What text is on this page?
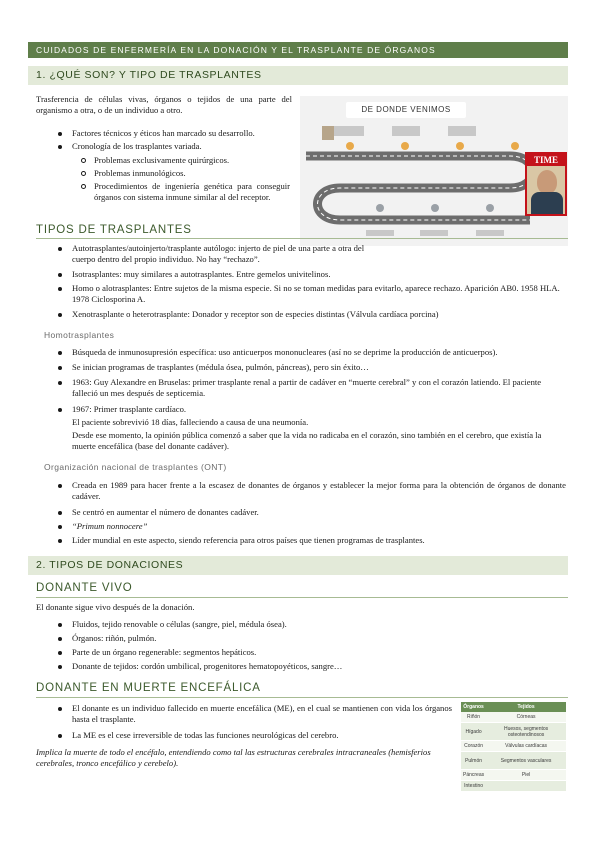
CUIDADOS DE ENFERMERÍA EN LA DONACIÓN Y EL TRASPLANTE DE ÓRGANOS
1. ¿QUÉ SON? Y TIPO DE TRASPLANTES
Trasferencia de células vivas, órganos o tejidos de una parte del organismo a otra, o de un individuo a otro.
Factores técnicos y éticos han marcado su desarrollo.
Cronología de los trasplantes variada.
Problemas exclusivamente quirúrgicos.
Problemas inmunológicos.
Procedimientos de ingeniería genética para conseguir órganos con sistema inmune similar al del receptor.
DE DONDE VENIMOS
TIME
TIPOS DE TRASPLANTES

Autotrasplantes/autoinjerto/trasplante autólogo: injerto de piel de una parte a otra del cuerpo dentro del propio individuo. No hay “rechazo”.
Isotrasplantes: muy similares a autotrasplantes. Entre gemelos univitelinos.
Homo o alotrasplantes: Entre sujetos de la misma especie. Si no se toman medidas para evitarlo, aparece rechazo. Aparición AB0. 1958 HLA. 1978 Ciclosporina A.
Xenotrasplante o heterotrasplante: Donador y receptor son de especies distintas (Válvula cardíaca porcina)
Homotrasplantes
Búsqueda de inmunosupresión específica: uso anticuerpos mononucleares (así no se deprime la producción de anticuerpos).
Se inician programas de trasplantes (médula ósea, pulmón, páncreas), pero sin éxito…
1963: Guy Alexandre en Bruselas: primer trasplante renal a partir de cadáver en “muerte cerebral” y con el corazón latiendo. El paciente falleció un mes después de septicemia.
1967: Primer trasplante cardíaco.
El paciente sobrevivió 18 días, falleciendo a causa de una neumonía.
Desde ese momento, la opinión pública comenzó a saber que la vida no radicaba en el corazón, sino también en el cerebro, que existía la muerte encefálica (base del donante cadáver).
Organización nacional de trasplantes (ONT)
Creada en 1989 para hacer frente a la escasez de donantes de órganos y establecer la mejor forma para la obtención de órganos de donante cadáver.
Se centró en aumentar el número de donantes cadáver.
“Primum nonnocere”
Líder mundial en este aspecto, siendo referencia para otros países que tienen programas de trasplantes.
2. TIPOS DE DONACIONES
DONANTE VIVO
El donante sigue vivo después de la donación.
Fluidos, tejido renovable o células (sangre, piel, médula ósea).
Órganos: riñón, pulmón.
Parte de un órgano regenerable: segmentos hepáticos.
Donante de tejidos: cordón umbilical, progenitores hematopoyéticos, sangre…
DONANTE EN MUERTE ENCEFÁLICA
El donante es un individuo fallecido en muerte encefálica (ME), en el cual se mantienen con vida los órganos hasta el trasplante.
La ME es el cese irreversible de todas las funciones neurológicas del cerebro.
Implica la muerte de todo el encéfalo, entendiendo como tal las estructuras cerebrales intracraneales (hemisferios cerebrales, tronco encefálico y cerebelo).
Órganos	Tejidos
Riñón	Córneas
Hígado	Huesos, segmentos osteotendinosos
Corazón	Válvulas cardíacas
Pulmón	Segmentos vasculares
Páncreas	Piel
Intestino	
